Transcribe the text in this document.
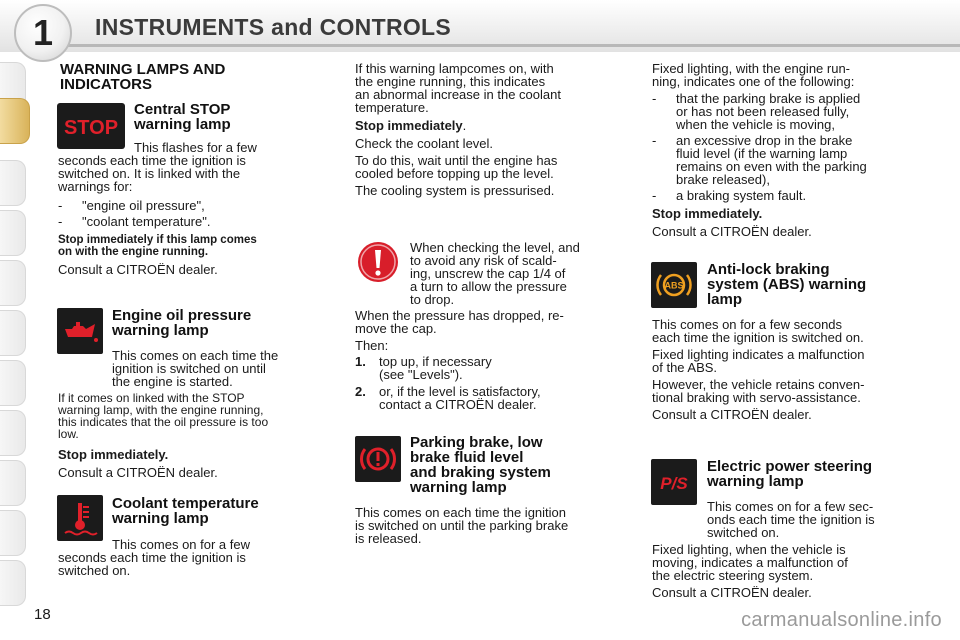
1	INSTRUMENTS and CONTROLS
WARNING LAMPS AND
INDICATORS
STOP
Central STOP
warning lamp
This flashes for a few
seconds each time the ignition is
switched on. It is linked with the
warnings for:
- "engine oil pressure",
- "coolant temperature".
Stop immediately if this lamp comes
on with the engine running.
Consult a CITROËN dealer.
Engine oil pressure
warning lamp
This comes on each time the
ignition is switched on until
the engine is started.
If it comes on linked with the STOP
warning lamp, with the engine running,
this indicates that the oil pressure is too
low.
Stop immediately.
Consult a CITROËN dealer.
Coolant temperature
warning lamp
This comes on for a few
seconds each time the ignition is
switched on.
If this warning lampcomes on, with
the engine running, this indicates
an abnormal increase in the coolant
temperature.
Stop immediately.
Check the coolant level.
To do this, wait until the engine has
cooled before topping up the level.
The cooling system is pressurised.
When checking the level, and
to avoid any risk of scald-
ing, unscrew the cap 1/4 of
a turn to allow the pressure
to drop.
When the pressure has dropped, re-
move the cap.
Then:
1. top up, if necessary
(see "Levels").
2. or, if the level is satisfactory,
contact a CITROËN dealer.
Parking brake, low
brake fluid level
and braking system
warning lamp
This comes on each time the ignition
is switched on until the parking brake
is released.
Fixed lighting, with the engine run-
ning, indicates one of the following:
- that the parking brake is applied
or has not been released fully,
when the vehicle is moving,
- an excessive drop in the brake
fluid level (if the warning lamp
remains on even with the parking
brake released),
- a braking system fault.
Stop immediately.
Consult a CITROËN dealer.
ABS
Anti-lock braking
system (ABS) warning
lamp
This comes on for a few seconds
each time the ignition is switched on.
Fixed lighting indicates a malfunction
of the ABS.
However, the vehicle retains conven-
tional braking with servo-assistance.
Consult a CITROËN dealer.
P/S
Electric power steering
warning lamp
This comes on for a few sec-
onds each time the ignition is
switched on.
Fixed lighting, when the vehicle is
moving, indicates a malfunction of
the electric steering system.
Consult a CITROËN dealer.
18	carmanualsonline.info
